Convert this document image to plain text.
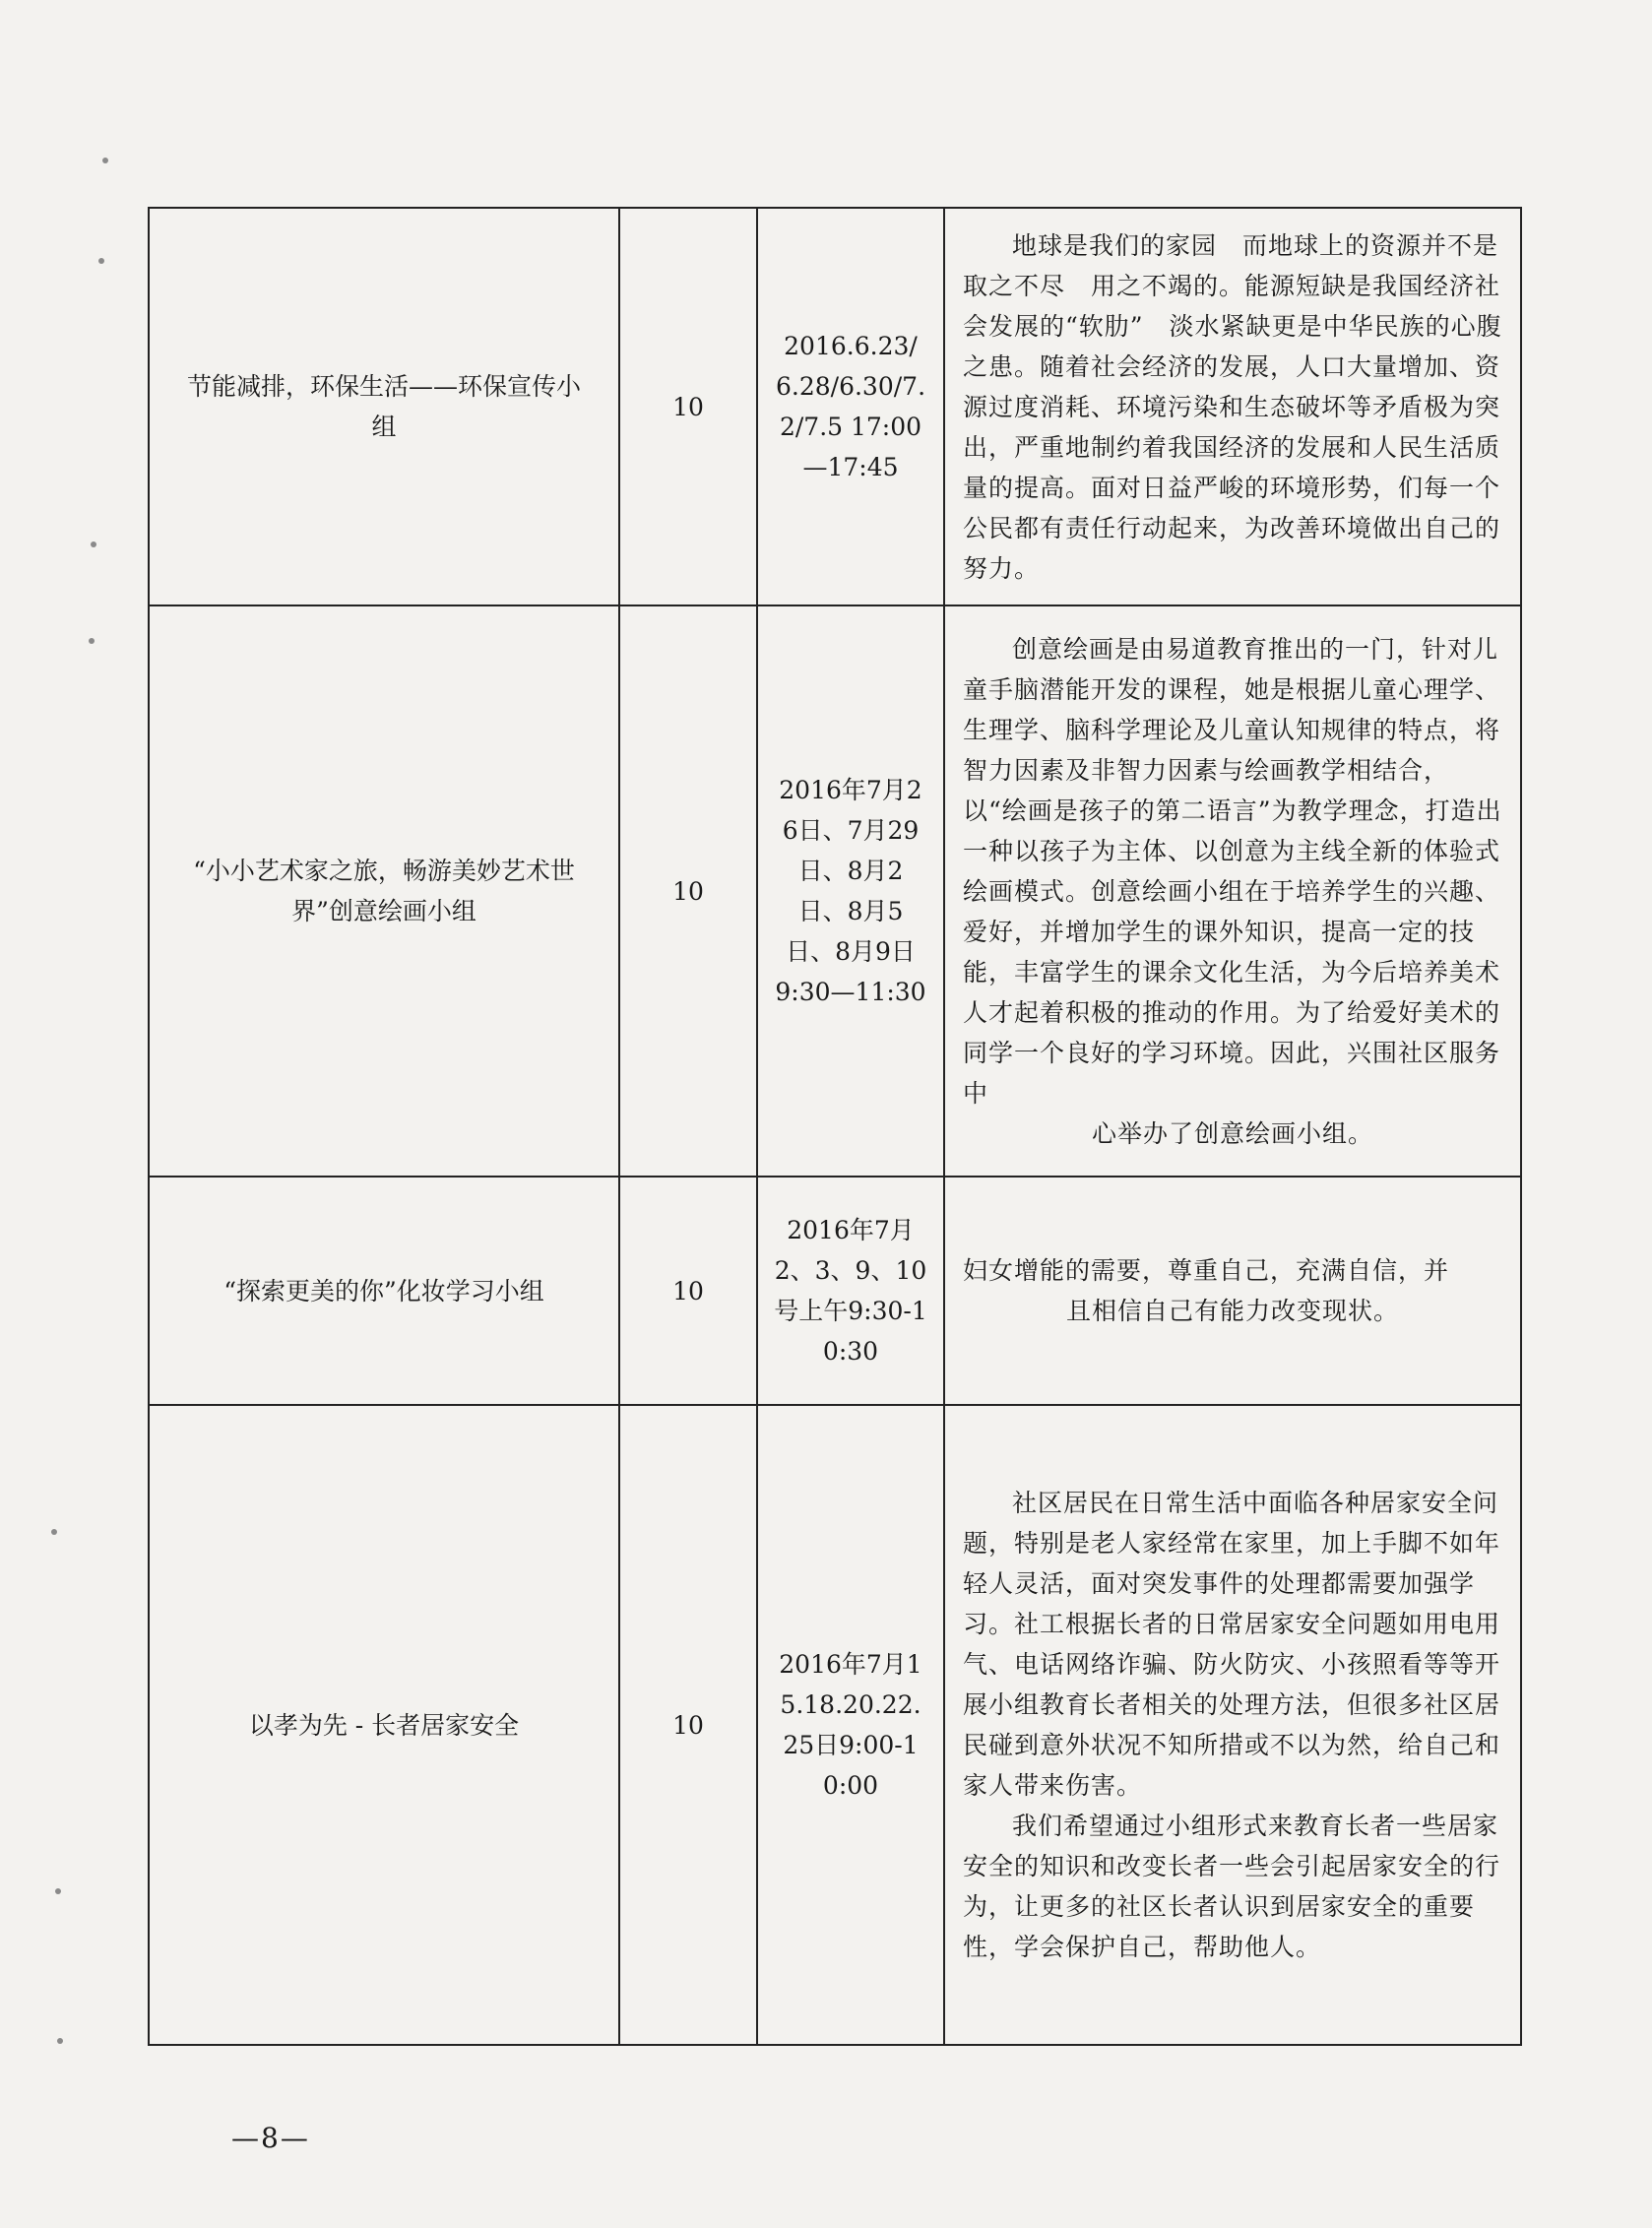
节能减排，环保生活——环保宣传小组	10	2016.6.23/6.28/6.30/7.2/7.5 17:00—17:45	地球是我们的家园　而地球上的资源并不是取之不尽　用之不竭的。能源短缺是我国经济社会发展的“软肋”　淡水紧缺更是中华民族的心腹之患。随着社会经济的发展，人口大量增加、资源过度消耗、环境污染和生态破坏等矛盾极为突出，严重地制约着我国经济的发展和人民生活质量的提高。面对日益严峻的环境形势，们每一个公民都有责任行动起来，为改善环境做出自己的努力。

“小小艺术家之旅，畅游美妙艺术世界”创意绘画小组	10	2016年7月26日、7月29日、8月2日、8月5日、8月9日9:30—11:30	创意绘画是由易道教育推出的一门，针对儿童手脑潜能开发的课程，她是根据儿童心理学、生理学、脑科学理论及儿童认知规律的特点，将智力因素及非智力因素与绘画教学相结合，以“绘画是孩子的第二语言”为教学理念，打造出一种以孩子为主体、以创意为主线全新的体验式绘画模式。创意绘画小组在于培养学生的兴趣、爱好，并增加学生的课外知识，提高一定的技能，丰富学生的课余文化生活，为今后培养美术人才起着积极的推动的作用。为了给爱好美术的同学一个良好的学习环境。因此，兴围社区服务中

心举办了创意绘画小组。

“探索更美的你”化妆学习小组	10	2016年7月2、3、9、10号上午9:30-10:30	妇女增能的需要，尊重自己，充满自信，并

且相信自己有能力改变现状。

以孝为先 - 长者居家安全	10	2016年7月15.18.20.22.25日9:00-10:00	社区居民在日常生活中面临各种居家安全问题，特别是老人家经常在家里，加上手脚不如年轻人灵活，面对突发事件的处理都需要加强学习。社工根据长者的日常居家安全问题如用电用气、电话网络诈骗、防火防灾、小孩照看等等开展小组教育长者相关的处理方法，但很多社区居民碰到意外状况不知所措或不以为然，给自己和家人带来伤害。

我们希望通过小组形式来教育长者一些居家安全的知识和改变长者一些会引起居家安全的行为，让更多的社区长者认识到居家安全的重要性，学会保护自己，帮助他人。

—8—
